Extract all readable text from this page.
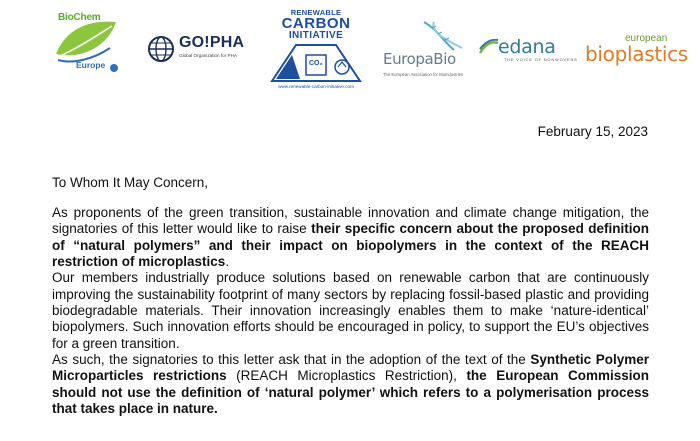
BioChem
Europe
GO!PHA
Global Organization for PHA
RENEWABLE
CARBON
INITIATIVE
CO₂
www.renewable-carbon-initiative.com
EuropaBio
The European Association for Bioindustries
edana
THE VOICE OF NONWOVENS
european
bioplastics
February 15, 2023
To Whom It May Concern,

As proponents of the green transition, sustainable innovation and climate change mitigation, the signatories of this letter would like to raise their specific concern about the proposed definition of “natural polymers” and their impact on biopolymers in the context of the REACH restriction of microplastics.

Our members industrially produce solutions based on renewable carbon that are continuously improving the sustainability footprint of many sectors by replacing fossil-based plastic and providing biodegradable materials. Their innovation increasingly enables them to make ‘nature-identical’ biopolymers. Such innovation efforts should be encouraged in policy, to support the EU’s objectives for a green transition.

As such, the signatories to this letter ask that in the adoption of the text of the Synthetic Polymer Microparticles restrictions (REACH Microplastics Restriction), the European Commission should not use the definition of ‘natural polymer’ which refers to a polymerisation process that takes place in nature.
